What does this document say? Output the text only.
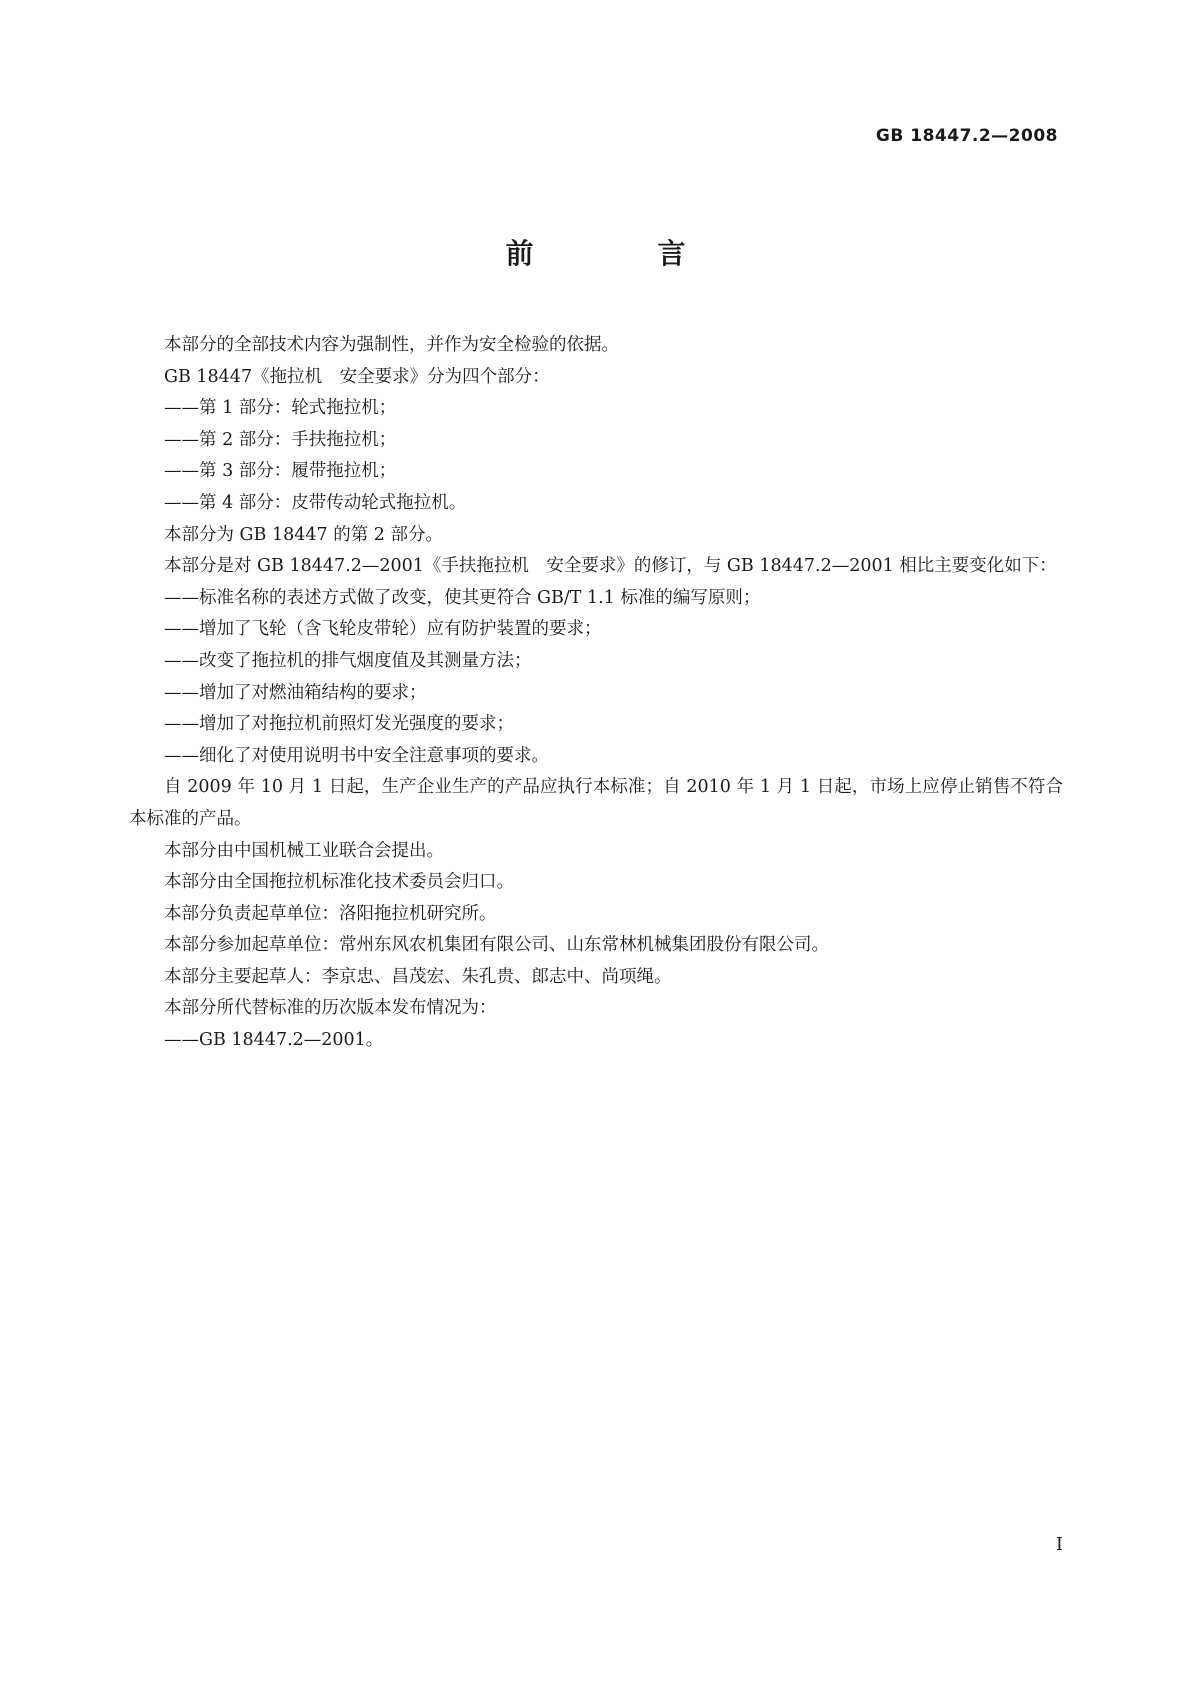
GB 18447.2—2008
前　言

本部分的全部技术内容为强制性，并作为安全检验的依据。

GB 18447《拖拉机　安全要求》分为四个部分：

——第 1 部分：轮式拖拉机；

——第 2 部分：手扶拖拉机；

——第 3 部分：履带拖拉机；

——第 4 部分：皮带传动轮式拖拉机。

本部分为 GB 18447 的第 2 部分。

本部分是对 GB 18447.2—2001《手扶拖拉机　安全要求》的修订，与 GB 18447.2—2001 相比主要变化如下：

——标准名称的表述方式做了改变，使其更符合 GB/T 1.1 标准的编写原则；

——增加了飞轮（含飞轮皮带轮）应有防护装置的要求；

——改变了拖拉机的排气烟度值及其测量方法；

——增加了对燃油箱结构的要求；

——增加了对拖拉机前照灯发光强度的要求；

——细化了对使用说明书中安全注意事项的要求。

自 2009 年 10 月 1 日起，生产企业生产的产品应执行本标准；自 2010 年 1 月 1 日起，市场上应停止销售不符合本标准的产品。

本部分由中国机械工业联合会提出。

本部分由全国拖拉机标准化技术委员会归口。

本部分负责起草单位：洛阳拖拉机研究所。

本部分参加起草单位：常州东风农机集团有限公司、山东常林机械集团股份有限公司。

本部分主要起草人：李京忠、昌茂宏、朱孔贵、郎志中、尚项绳。

本部分所代替标准的历次版本发布情况为：

——GB 18447.2—2001。

I
